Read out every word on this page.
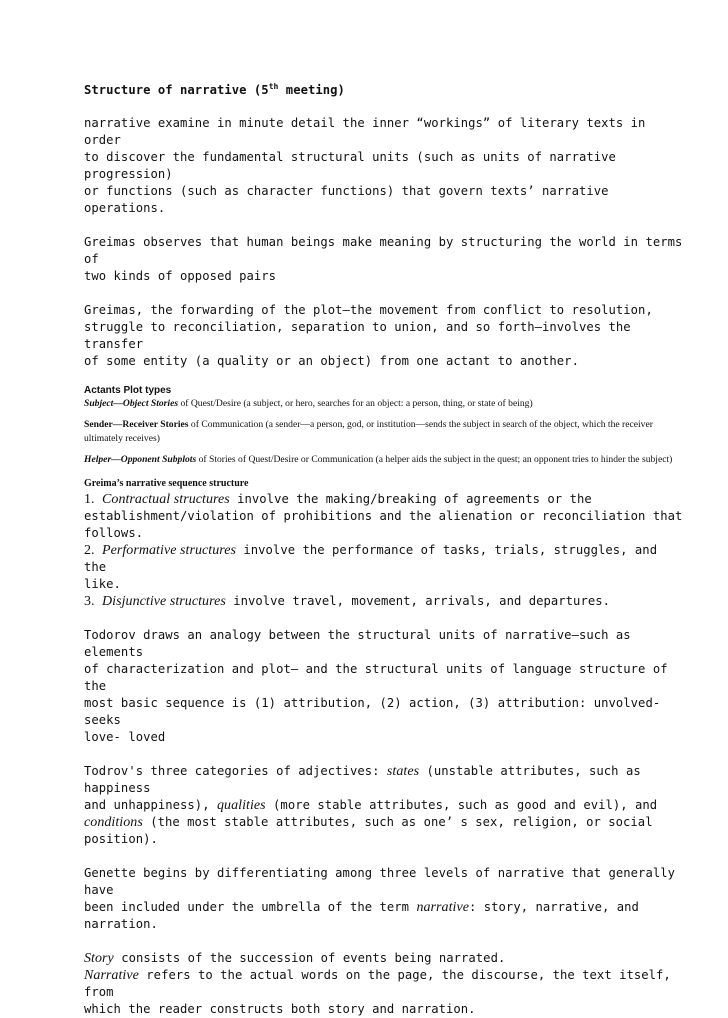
Structure of narrative (5th meeting)

narrative examine in minute detail the inner “workings” of literary texts in order
to discover the fundamental structural units (such as units of narrative progression)
or functions (such as character functions) that govern texts’ narrative operations.
Greimas observes that human beings make meaning by structuring the world in terms of
two kinds of opposed pairs
Greimas, the forwarding of the plot—the movement from conflict to resolution,
struggle to reconciliation, separation to union, and so forth—involves the transfer
of some entity (a quality or an object) from one actant to another.
Actants Plot types
Subject—Object Stories of Quest/Desire (a subject, or hero, searches for an object: a person, thing, or state of being)
Sender—Receiver Stories of Communication (a sender—a person, god, or institution—sends the subject in search of the object, which the receiver ultimately receives)
Helper—Opponent Subplots of Stories of Quest/Desire or Communication (a helper aids the subject in the quest; an opponent tries to hinder the subject)
Greima’s narrative sequence structure
1. Contractual structures involve the making/breaking of agreements or the
establishment/violation of prohibitions and the alienation or reconciliation that
follows.
2. Performative structures involve the performance of tasks, trials, struggles, and the
like.
3. Disjunctive structures involve travel, movement, arrivals, and departures.
Todorov draws an analogy between the structural units of narrative—such as elements
of characterization and plot— and the structural units of language structure of the
most basic sequence is (1) attribution, (2) action, (3) attribution: unvolved-seeks
love- loved
Todrov's three categories of adjectives: states (unstable attributes, such as happiness
and unhappiness), qualities (more stable attributes, such as good and evil), and
conditions (the most stable attributes, such as one’ s sex, religion, or social
position).
Genette begins by differentiating among three levels of narrative that generally have
been included under the umbrella of the term narrative: story, narrative, and
narration.
Story consists of the succession of events being narrated.
Narrative refers to the actual words on the page, the discourse, the text itself, from
which the reader constructs both story and narration.
